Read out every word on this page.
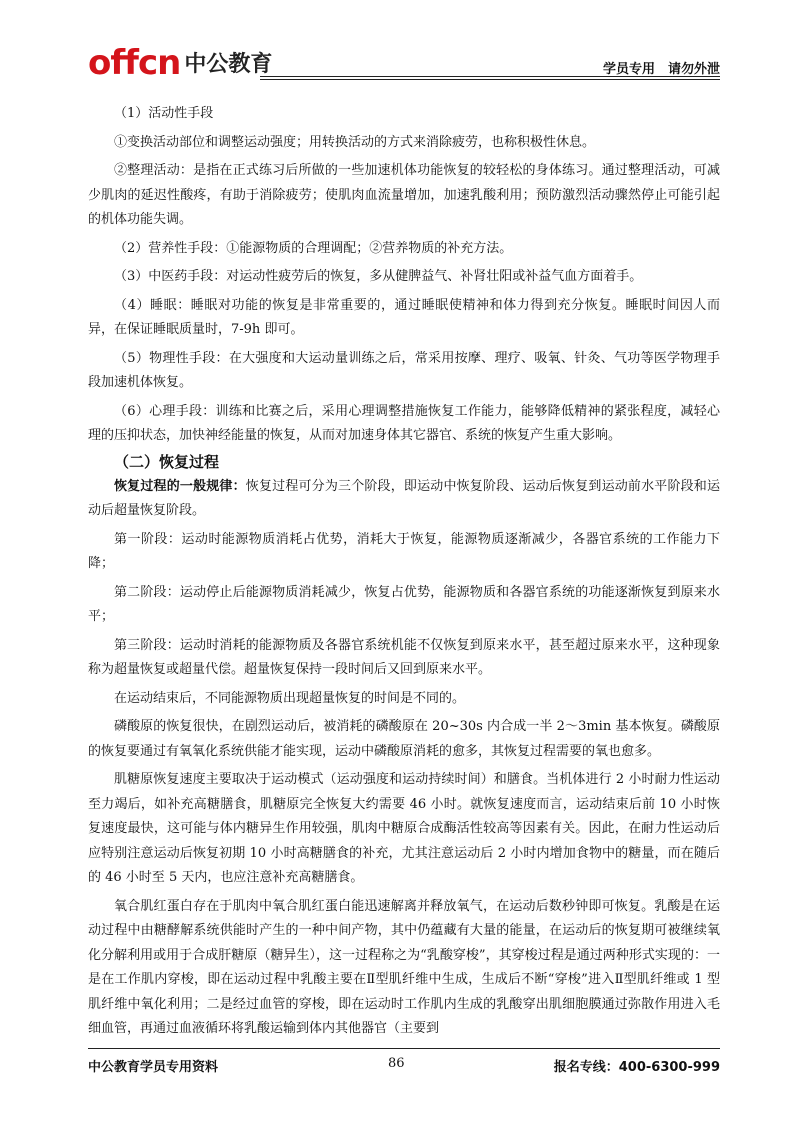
offcn 中公教育	学员专用　请勿外泄

（1）活动性手段

①变换活动部位和调整运动强度；用转换活动的方式来消除疲劳，也称积极性休息。

②整理活动：是指在正式练习后所做的一些加速机体功能恢复的较轻松的身体练习。通过整理活动，可减少肌肉的延迟性酸疼，有助于消除疲劳；使肌肉血流量增加，加速乳酸利用；预防激烈活动骤然停止可能引起的机体功能失调。

（2）营养性手段：①能源物质的合理调配；②营养物质的补充方法。

（3）中医药手段：对运动性疲劳后的恢复，多从健脾益气、补肾壮阳或补益气血方面着手。

（4）睡眠：睡眠对功能的恢复是非常重要的，通过睡眠使精神和体力得到充分恢复。睡眠时间因人而异，在保证睡眠质量时，7-9h 即可。

（5）物理性手段：在大强度和大运动量训练之后，常采用按摩、理疗、吸氧、针灸、气功等医学物理手段加速机体恢复。

（6）心理手段：训练和比赛之后，采用心理调整措施恢复工作能力，能够降低精神的紧张程度，减轻心理的压抑状态，加快神经能量的恢复，从而对加速身体其它器官、系统的恢复产生重大影响。

（二）恢复过程

恢复过程的一般规律：恢复过程可分为三个阶段，即运动中恢复阶段、运动后恢复到运动前水平阶段和运动后超量恢复阶段。

第一阶段：运动时能源物质消耗占优势，消耗大于恢复，能源物质逐渐减少，各器官系统的工作能力下降；

第二阶段：运动停止后能源物质消耗减少，恢复占优势，能源物质和各器官系统的功能逐渐恢复到原来水平；

第三阶段：运动时消耗的能源物质及各器官系统机能不仅恢复到原来水平，甚至超过原来水平，这种现象称为超量恢复或超量代偿。超量恢复保持一段时间后又回到原来水平。

在运动结束后，不同能源物质出现超量恢复的时间是不同的。

磷酸原的恢复很快，在剧烈运动后，被消耗的磷酸原在 20~30s 内合成一半 2～3min 基本恢复。磷酸原的恢复要通过有氧氧化系统供能才能实现，运动中磷酸原消耗的愈多，其恢复过程需要的氧也愈多。

肌糖原恢复速度主要取决于运动模式（运动强度和运动持续时间）和膳食。当机体进行 2 小时耐力性运动至力竭后，如补充高糖膳食，肌糖原完全恢复大约需要 46 小时。就恢复速度而言，运动结束后前 10 小时恢复速度最快，这可能与体内糖异生作用较强，肌肉中糖原合成酶活性较高等因素有关。因此，在耐力性运动后应特别注意运动后恢复初期 10 小时高糖膳食的补充，尤其注意运动后 2 小时内增加食物中的糖量，而在随后的 46 小时至 5 天内，也应注意补充高糖膳食。

氧合肌红蛋白存在于肌肉中氧合肌红蛋白能迅速解离并释放氧气，在运动后数秒钟即可恢复。乳酸是在运动过程中由糖酵解系统供能时产生的一种中间产物，其中仍蕴藏有大量的能量，在运动后的恢复期可被继续氧化分解利用或用于合成肝糖原（糖异生），这一过程称之为“乳酸穿梭”，其穿梭过程是通过两种形式实现的：一是在工作肌内穿梭，即在运动过程中乳酸主要在Ⅱ型肌纤维中生成，生成后不断“穿梭”进入Ⅱ型肌纤维或 1 型肌纤维中氧化利用；二是经过血管的穿梭，即在运动时工作肌内生成的乳酸穿出肌细胞膜通过弥散作用进入毛细血管，再通过血液循环将乳酸运输到体内其他器官（主要到

中公教育学员专用资料	86	报名专线：400-6300-999
